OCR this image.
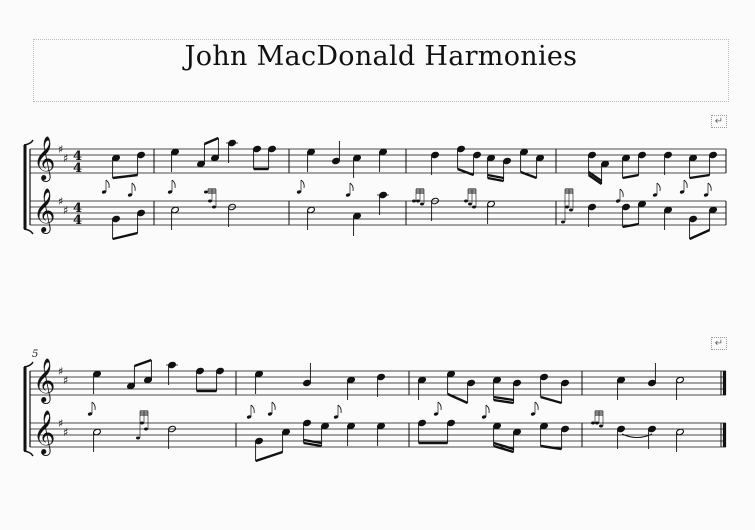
John MacDonald Harmonies
↵
↵
5
𝄞 ♯
♯ 4
4
𝄞 ♯
♯ 4
4
𝄞 ♯
♯
𝄞 ♯
♯
